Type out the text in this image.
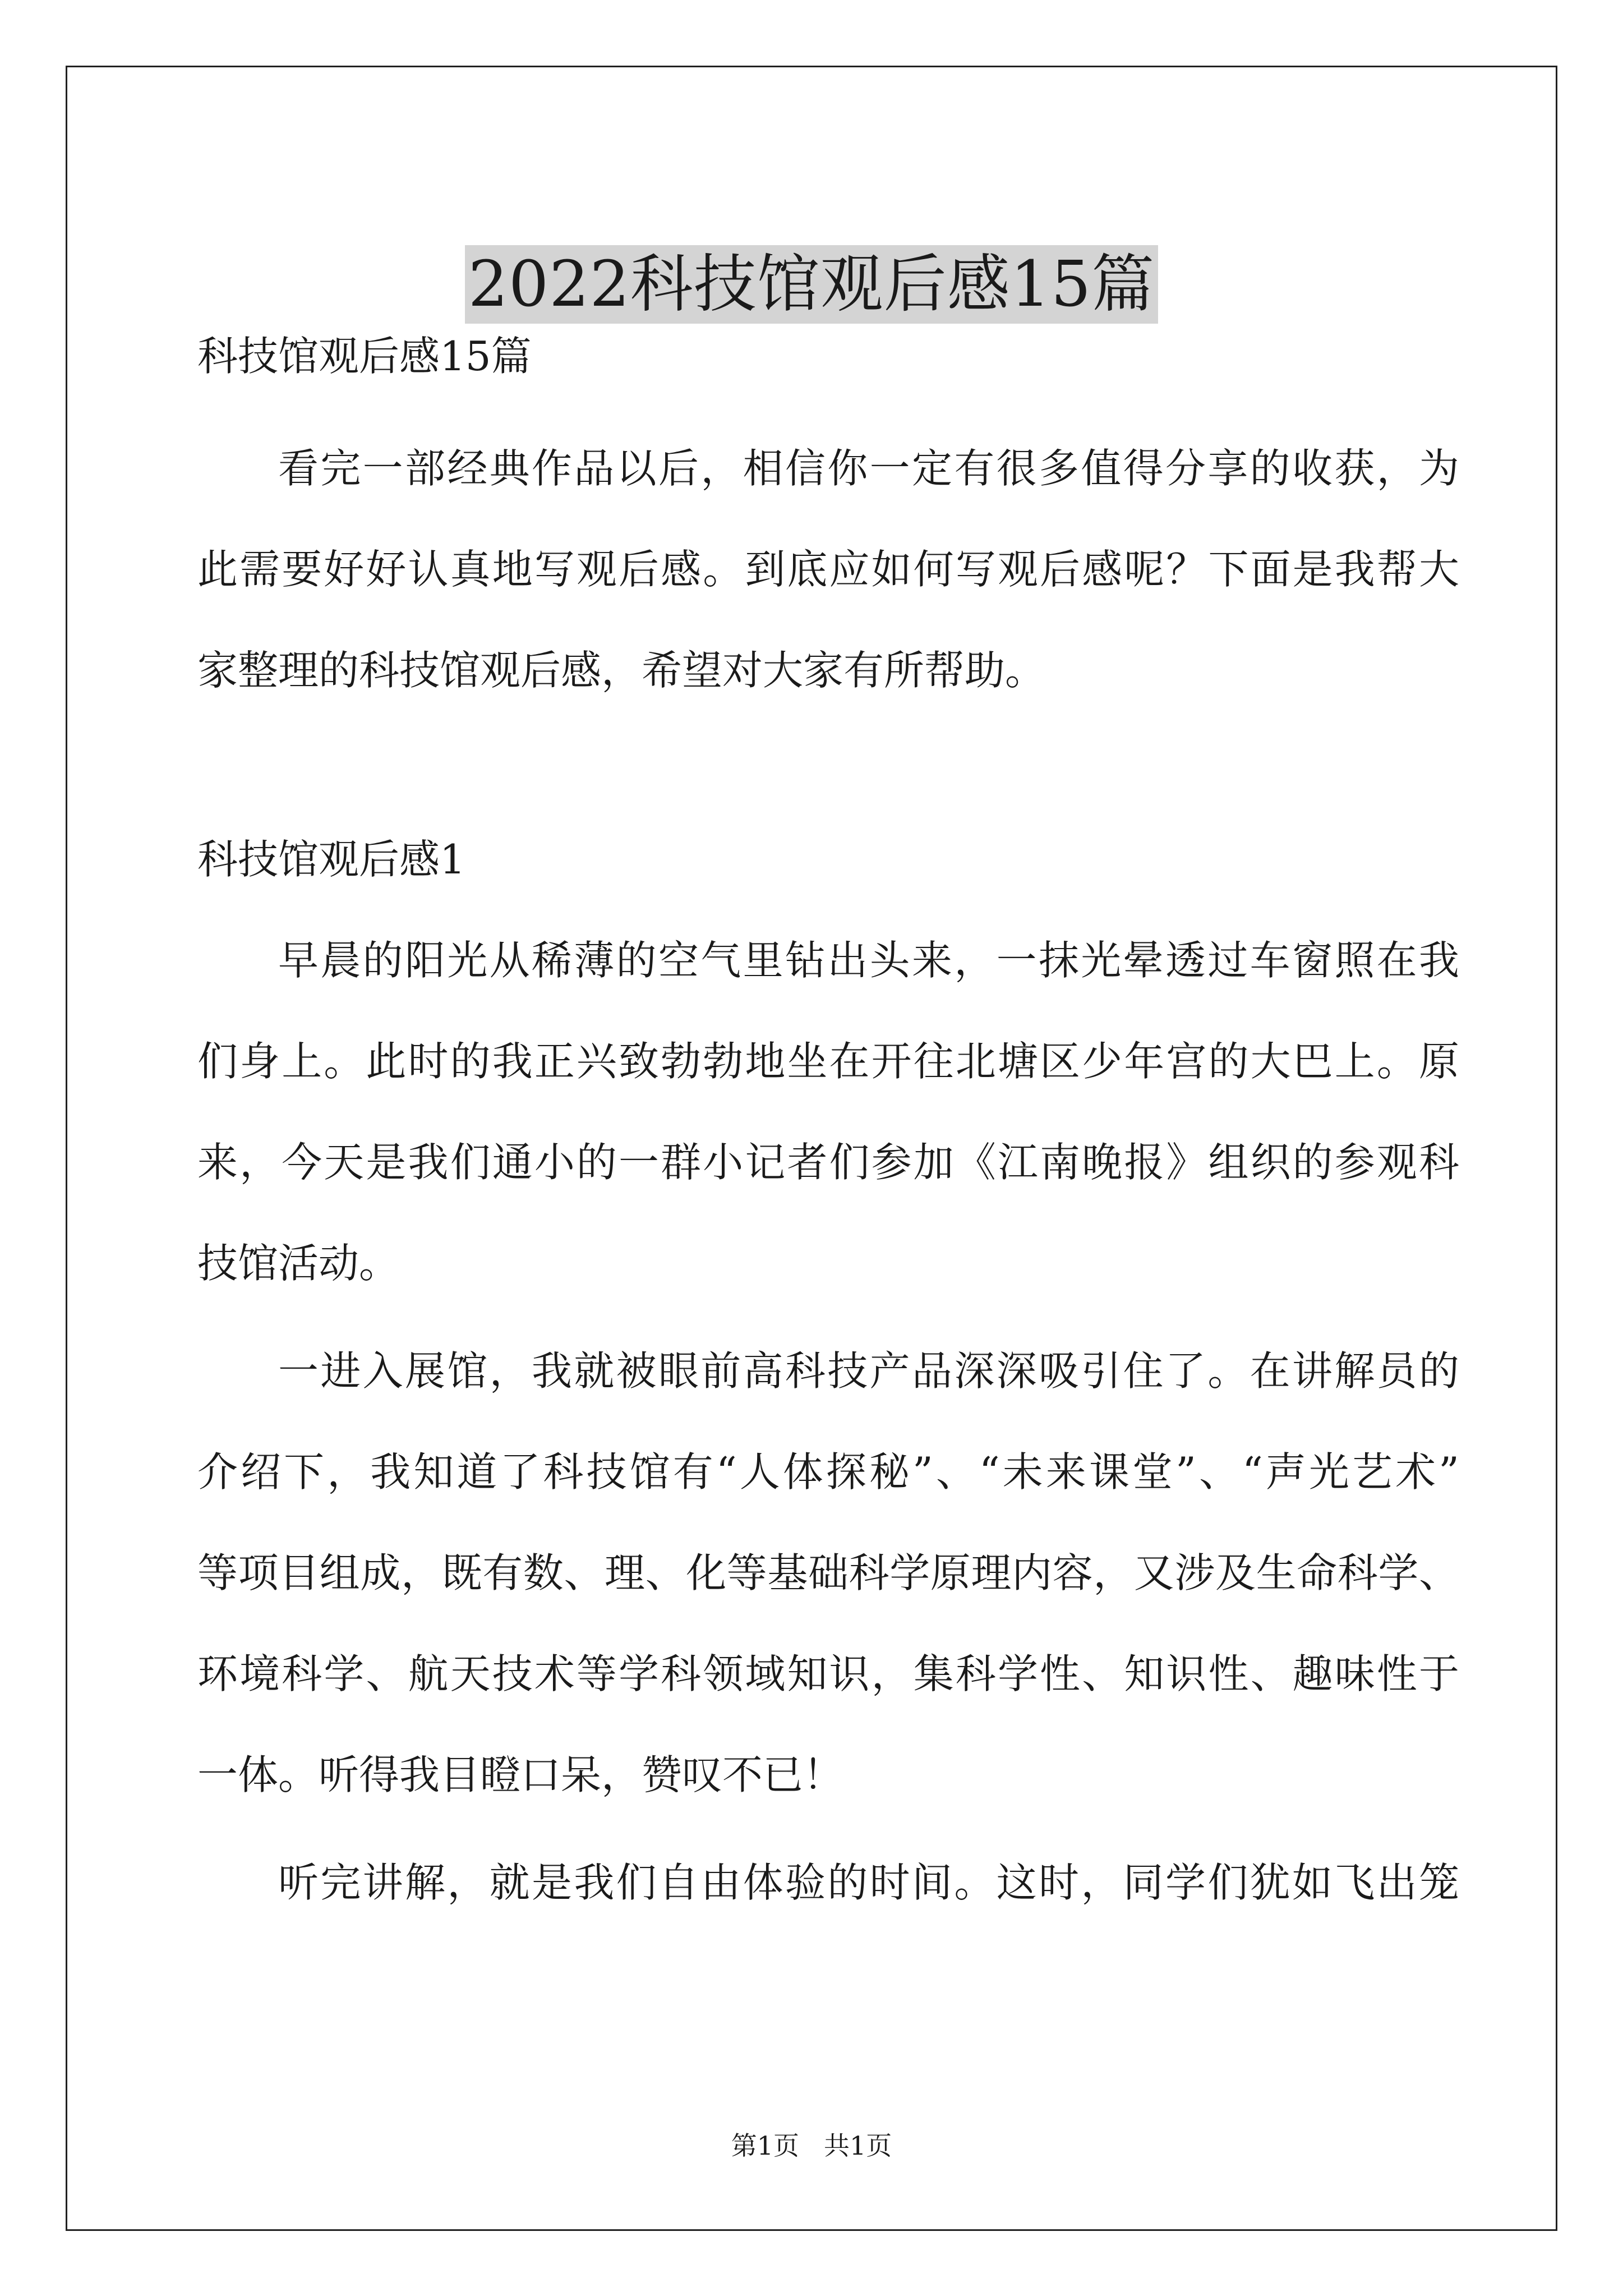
2022科技馆观后感15篇
科技馆观后感15篇
看完一部经典作品以后，相信你一定有很多值得分享的收获，为
此需要好好认真地写观后感。到底应如何写观后感呢？下面是我帮大
家整理的科技馆观后感，希望对大家有所帮助。
科技馆观后感1
早晨的阳光从稀薄的空气里钻出头来，一抹光晕透过车窗照在我
们身上。此时的我正兴致勃勃地坐在开往北塘区少年宫的大巴上。原
来，今天是我们通小的一群小记者们参加《江南晚报》组织的参观科
技馆活动。
一进入展馆，我就被眼前高科技产品深深吸引住了。在讲解员的
介绍下，我知道了科技馆有“人体探秘”、“未来课堂”、“声光艺术”
等项目组成，既有数、理、化等基础科学原理内容，又涉及生命科学、
环境科学、航天技术等学科领域知识，集科学性、知识性、趣味性于
一体。听得我目瞪口呆，赞叹不已！
听完讲解，就是我们自由体验的时间。这时，同学们犹如飞出笼
第1页 共1页
